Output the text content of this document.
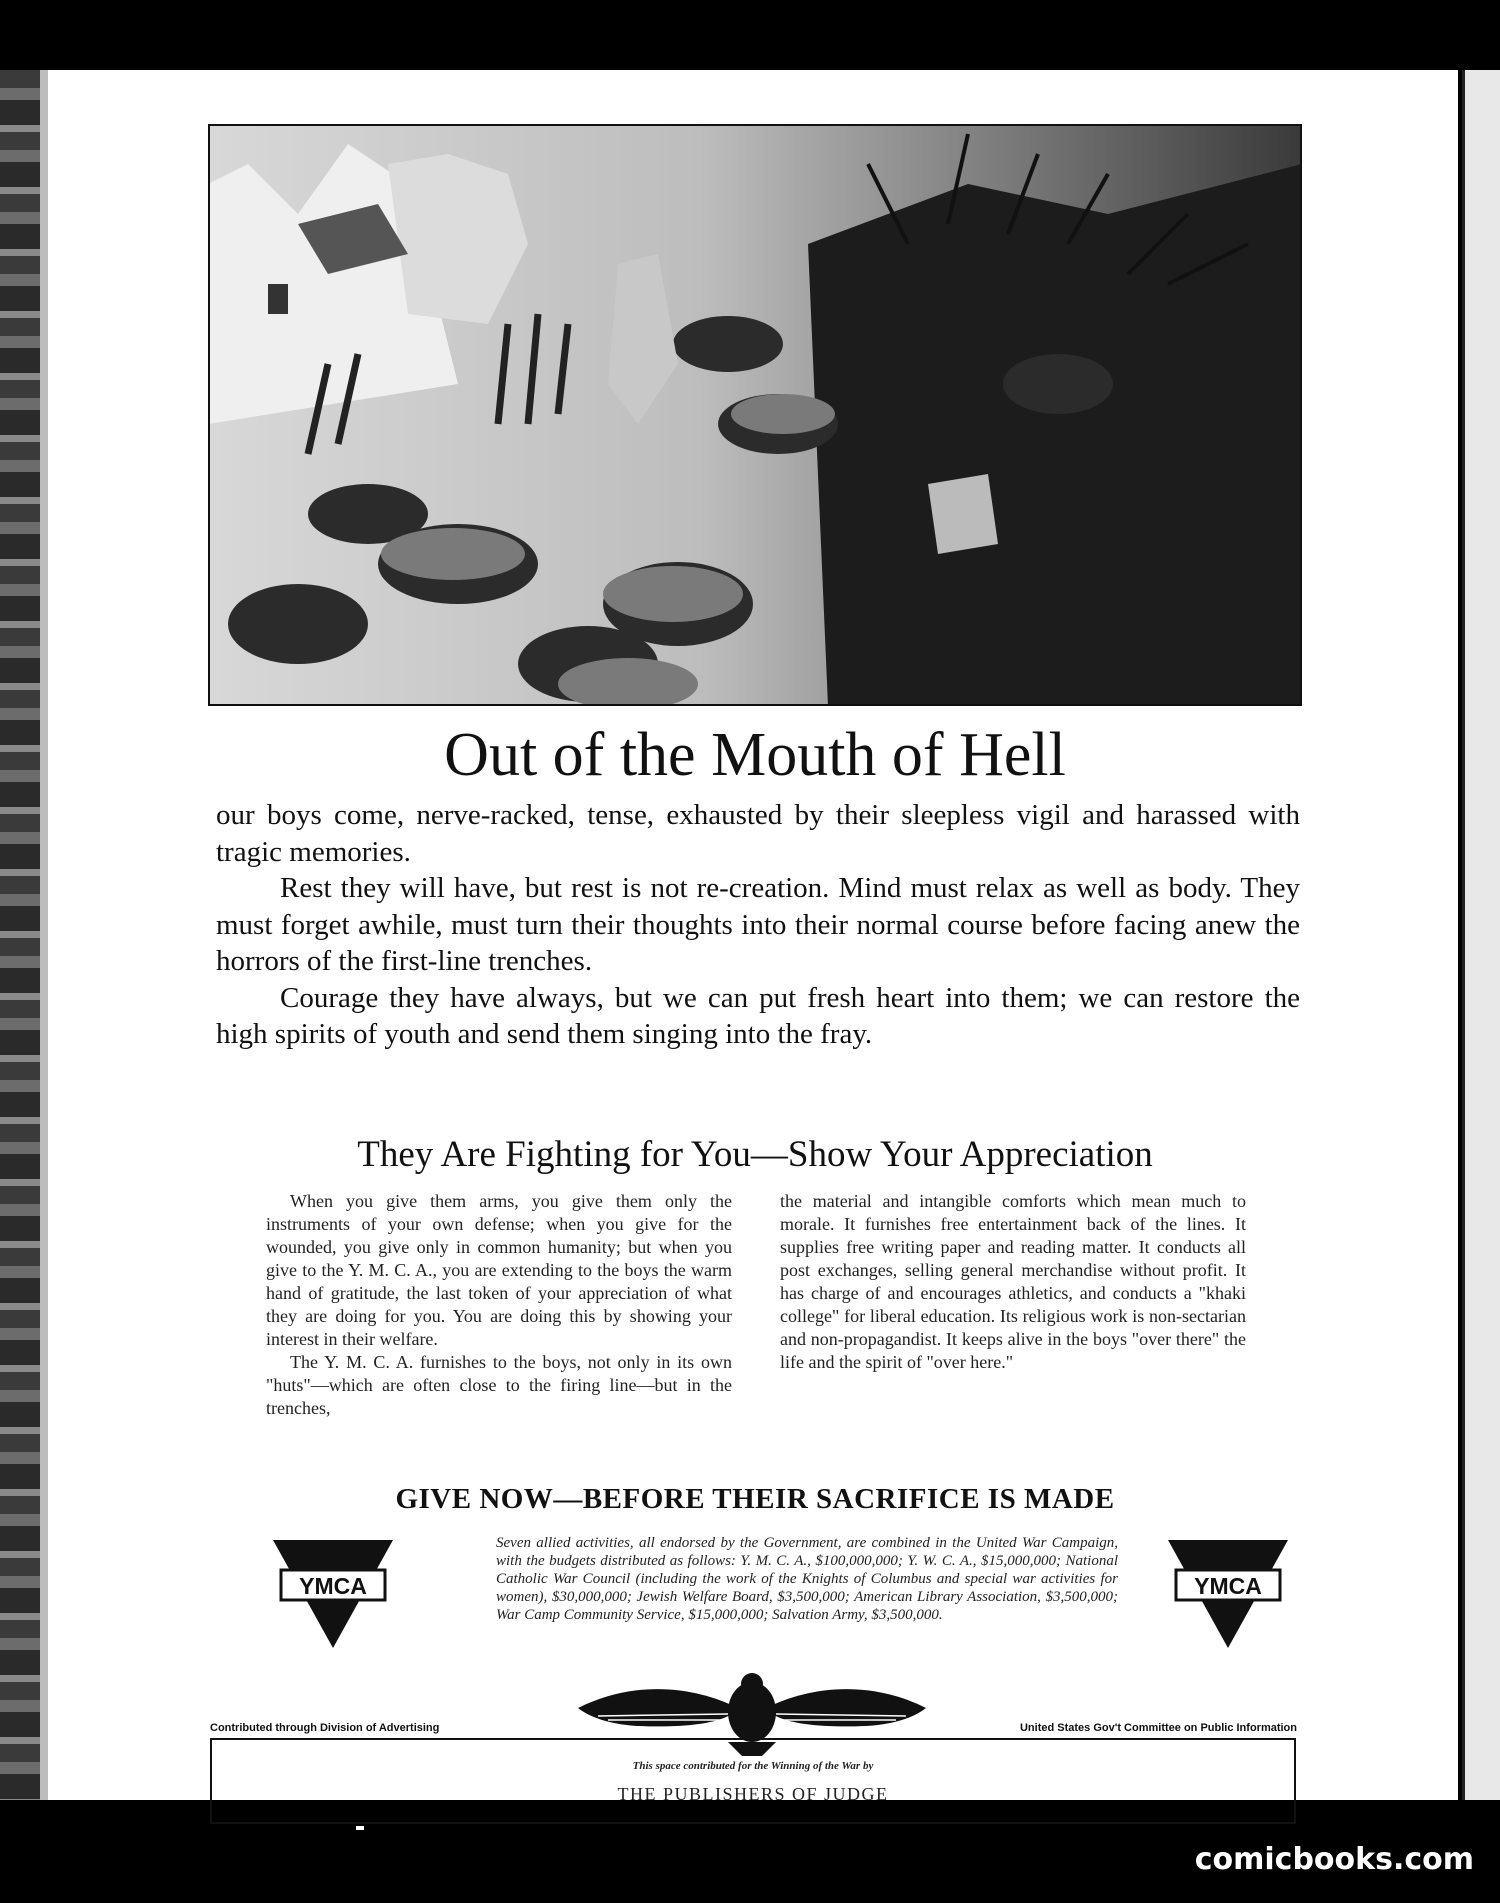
Out of the Mouth of Hell

our boys come, nerve-racked, tense, exhausted by their sleepless vigil and harassed with tragic memories.

Rest they will have, but rest is not re-creation. Mind must relax as well as body. They must forget awhile, must turn their thoughts into their normal course before facing anew the horrors of the first-line trenches.

Courage they have always, but we can put fresh heart into them; we can restore the high spirits of youth and send them singing into the fray.

They Are Fighting for You—Show Your Appreciation

When you give them arms, you give them only the instruments of your own defense; when you give for the wounded, you give only in common humanity; but when you give to the Y. M. C. A., you are extending to the boys the warm hand of gratitude, the last token of your appreciation of what they are doing for you. You are doing this by showing your interest in their welfare.

The Y. M. C. A. furnishes to the boys, not only in its own "huts"—which are often close to the firing line—but in the trenches,

the material and intangible comforts which mean much to morale. It furnishes free entertainment back of the lines. It supplies free writing paper and reading matter. It conducts all post exchanges, selling general merchandise without profit. It has charge of and encourages athletics, and conducts a "khaki college" for liberal education. Its religious work is non-sectarian and non-propagandist. It keeps alive in the boys "over there" the life and the spirit of "over here."

GIVE NOW—BEFORE THEIR SACRIFICE IS MADE
YMCA
Seven allied activities, all endorsed by the Government, are combined in the United War Campaign, with the budgets distributed as follows: Y. M. C. A., $100,000,000; Y. W. C. A., $15,000,000; National Catholic War Council (including the work of the Knights of Columbus and special war activities for women), $30,000,000; Jewish Welfare Board, $3,500,000; American Library Association, $3,500,000; War Camp Community Service, $15,000,000; Salvation Army, $3,500,000.
YMCA
Contributed through Division of Advertising	United States Gov't Committee on Public Information
This space contributed for the Winning of the War by
THE PUBLISHERS OF JUDGE
comicbooks.com
